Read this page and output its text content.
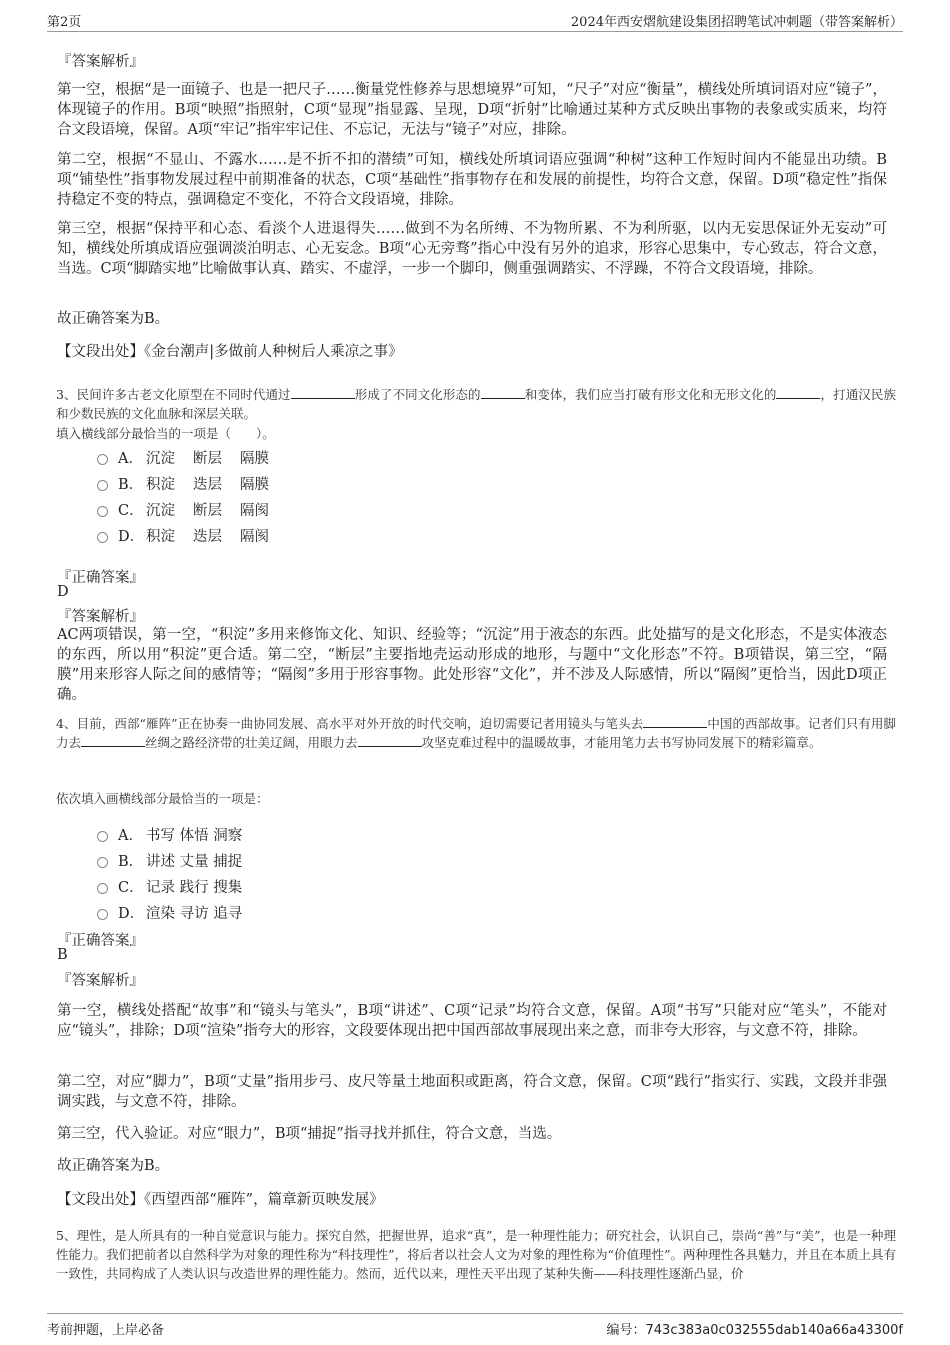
第2页	2024年西安熠航建设集团招聘笔试冲刺题（带答案解析）
『答案解析』
第一空，根据“是一面镜子、也是一把尺子……衡量党性修养与思想境界”可知，“尺子”对应“衡量”，横线处所填词语对应“镜子”，体现镜子的作用。B项“映照”指照射，C项“显现”指显露、呈现，D项“折射”比喻通过某种方式反映出事物的表象或实质来，均符合文段语境，保留。A项“牢记”指牢牢记住、不忘记，无法与“镜子”对应，排除。
第二空，根据“不显山、不露水……是不折不扣的潜绩”可知，横线处所填词语应强调“种树”这种工作短时间内不能显出功绩。B项“铺垫性”指事物发展过程中前期准备的状态，C项“基础性”指事物存在和发展的前提性，均符合文意，保留。D项“稳定性”指保持稳定不变的特点，强调稳定不变化，不符合文段语境，排除。
第三空，根据“保持平和心态、看淡个人进退得失……做到不为名所缚、不为物所累、不为利所驱，以内无妄思保证外无妄动”可知，横线处所填成语应强调淡泊明志、心无妄念。B项“心无旁骛”指心中没有另外的追求，形容心思集中，专心致志，符合文意，当选。C项“脚踏实地”比喻做事认真、踏实、不虚浮，一步一个脚印，侧重强调踏实、不浮躁，不符合文段语境，排除。
故正确答案为B。
【文段出处】《金台潮声|多做前人种树后人乘凉之事》
3、民间许多古老文化原型在不同时代通过	形成了不同文化形态的	和变体，我们应当打破有形文化和无形文化的	，打通汉民族和少数民族的文化血脉和深层关联。
填入横线部分最恰当的一项是（　　）。
A． 沉淀 断层 隔膜
B． 积淀 迭层 隔膜
C． 沉淀 断层 隔阂
D． 积淀 迭层 隔阂
『正确答案』
D
『答案解析』
AC两项错误，第一空，“积淀”多用来修饰文化、知识、经验等；“沉淀”用于液态的东西。此处描写的是文化形态，不是实体液态的东西，所以用“积淀”更合适。第二空，“断层”主要指地壳运动形成的地形，与题中“文化形态”不符。B项错误，第三空，“隔膜”用来形容人际之间的感情等；“隔阂”多用于形容事物。此处形容“文化”，并不涉及人际感情，所以“隔阂”更恰当，因此D项正确。
4、目前，西部“雁阵”正在协奏一曲协同发展、高水平对外开放的时代交响，迫切需要记者用镜头与笔头去	中国的西部故事。记者们只有用脚力去	丝绸之路经济带的壮美辽阔，用眼力去	攻坚克难过程中的温暖故事，才能用笔力去书写协同发展下的精彩篇章。
依次填入画横线部分最恰当的一项是：
A． 书写 体悟 洞察
B． 讲述 丈量 捕捉
C． 记录 践行 搜集
D． 渲染 寻访 追寻
『正确答案』
B
『答案解析』
第一空，横线处搭配“故事”和“镜头与笔头”，B项“讲述”、C项“记录”均符合文意，保留。A项“书写”只能对应“笔头”，不能对应“镜头”，排除；D项“渲染”指夸大的形容，文段要体现出把中国西部故事展现出来之意，而非夸大形容，与文意不符，排除。
第二空，对应“脚力”，B项“丈量”指用步弓、皮尺等量土地面积或距离，符合文意，保留。C项“践行”指实行、实践，文段并非强调实践，与文意不符，排除。
第三空，代入验证。对应“眼力”，B项“捕捉”指寻找并抓住，符合文意，当选。
故正确答案为B。
【文段出处】《西望西部“雁阵”，篇章新页映发展》
5、理性，是人所具有的一种自觉意识与能力。探究自然，把握世界，追求“真”，是一种理性能力；研究社会，认识自己，崇尚“善”与“美”，也是一种理性能力。我们把前者以自然科学为对象的理性称为“科技理性”，将后者以社会人文为对象的理性称为“价值理性”。两种理性各具魅力，并且在本质上具有一致性，共同构成了人类认识与改造世界的理性能力。然而，近代以来，理性天平出现了某种失衡——科技理性逐渐凸显，价
考前押题，上岸必备	编号：743c383a0c032555dab140a66a43300f
